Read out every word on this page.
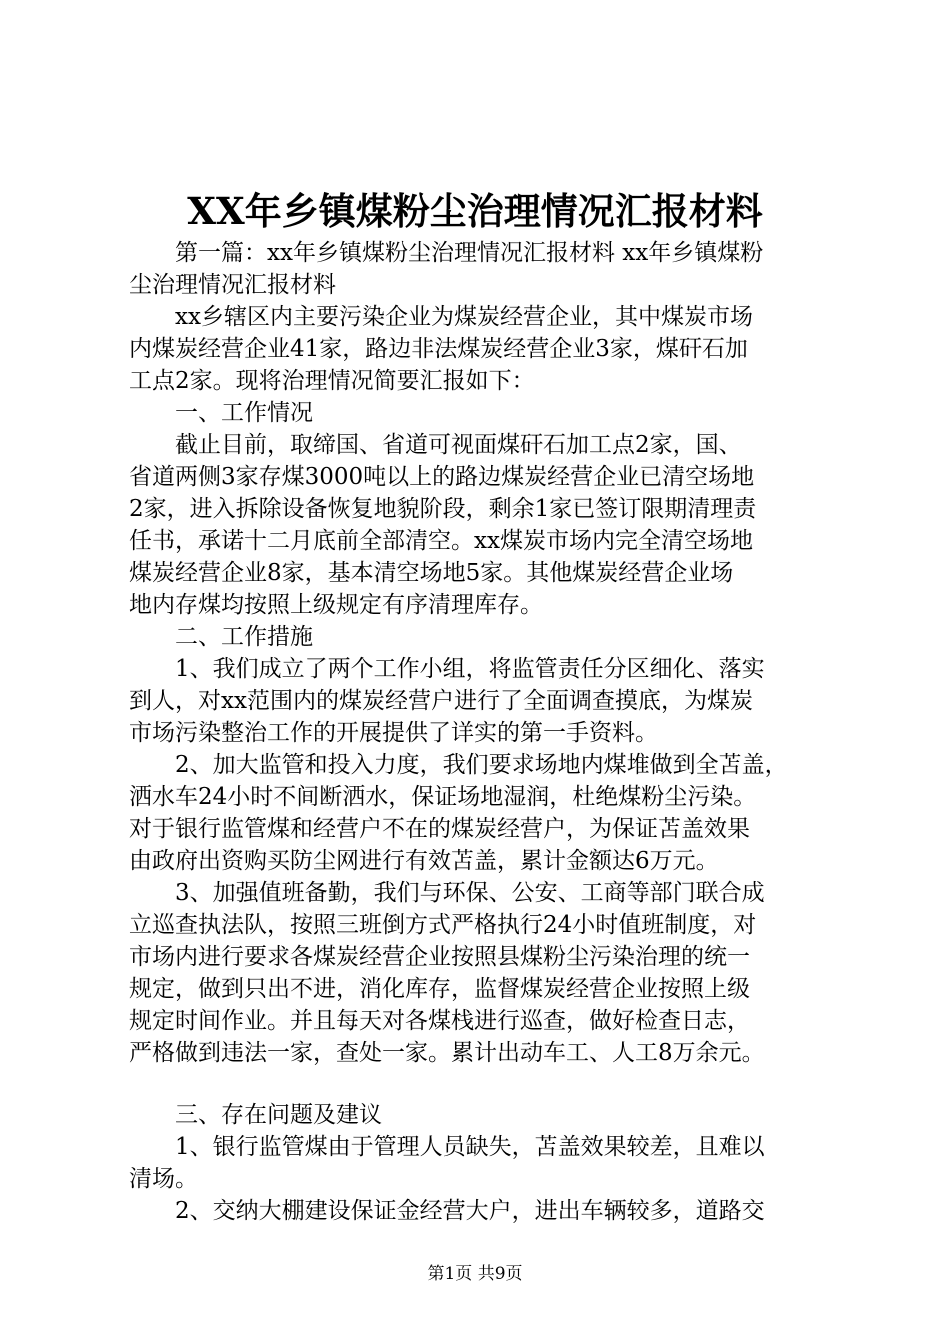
XX年乡镇煤粉尘治理情况汇报材料
　　第一篇：xx年乡镇煤粉尘治理情况汇报材料 xx年乡镇煤粉
尘治理情况汇报材料
　　xx乡辖区内主要污染企业为煤炭经营企业，其中煤炭市场
内煤炭经营企业41家，路边非法煤炭经营企业3家，煤矸石加
工点2家。现将治理情况简要汇报如下：
　　一、工作情况
　　截止目前，取缔国、省道可视面煤矸石加工点2家，国、
省道两侧3家存煤3000吨以上的路边煤炭经营企业已清空场地
2家，进入拆除设备恢复地貌阶段，剩余1家已签订限期清理责
任书，承诺十二月底前全部清空。xx煤炭市场内完全清空场地
煤炭经营企业8家，基本清空场地5家。其他煤炭经营企业场
地内存煤均按照上级规定有序清理库存。
　　二、工作措施
　　1、我们成立了两个工作小组，将监管责任分区细化、落实
到人，对xx范围内的煤炭经营户进行了全面调查摸底，为煤炭
市场污染整治工作的开展提供了详实的第一手资料。
　　2、加大监管和投入力度，我们要求场地内煤堆做到全苫盖，
洒水车24小时不间断洒水，保证场地湿润，杜绝煤粉尘污染。
对于银行监管煤和经营户不在的煤炭经营户，为保证苫盖效果
由政府出资购买防尘网进行有效苫盖，累计金额达6万元。
　　3、加强值班备勤，我们与环保、公安、工商等部门联合成
立巡查执法队，按照三班倒方式严格执行24小时值班制度，对
市场内进行要求各煤炭经营企业按照县煤粉尘污染治理的统一
规定，做到只出不进，消化库存，监督煤炭经营企业按照上级
规定时间作业。并且每天对各煤栈进行巡查，做好检查日志，
严格做到违法一家，查处一家。累计出动车工、人工8万余元。
　　三、存在问题及建议
　　1、银行监管煤由于管理人员缺失，苫盖效果较差，且难以
清场。
　　2、交纳大棚建设保证金经营大户，进出车辆较多，道路交
第1页 共9页
